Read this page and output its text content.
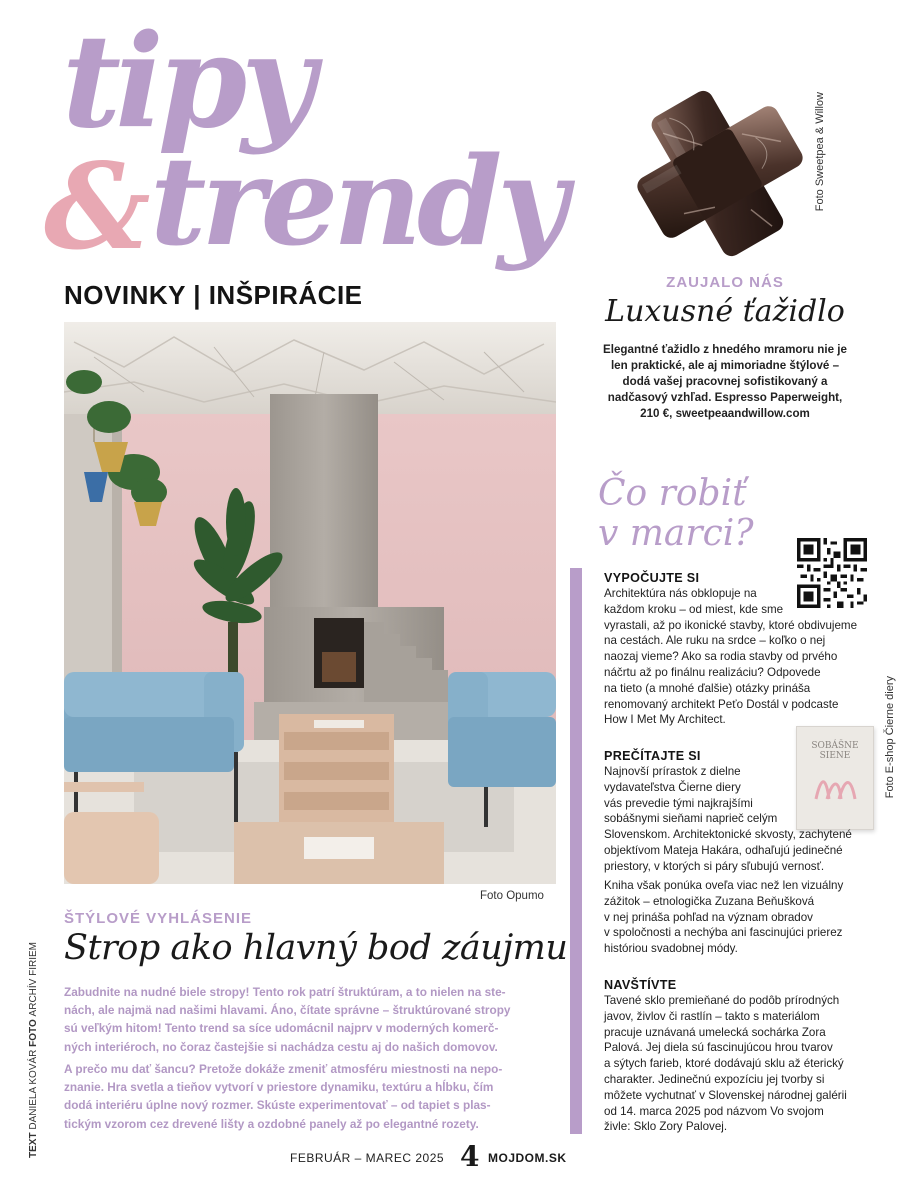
tipy
& trendy
NOVINKY | INŠPIRÁCIE
Foto Sweetpea & Willow
ZAUJALO NÁS
Luxusné ťažidlo
Elegantné ťažidlo z hnedého mramoru nie je len praktické, ale aj mimoriadne štýlové – dodá vašej pracovnej sofistikovaný a nadčasový vzhľad. Espresso Paperweight, 210 €, sweetpeaandwillow.com
Foto Opumo
TEXT DANIELA KOVÁR FOTO ARCHÍV FIRIEM
ŠTÝLOVÉ VYHLÁSENIE
Strop ako hlavný bod záujmu
Zabudnite na nudné biele stropy! Tento rok patrí štruktúram, a to nielen na ste-
nách, ale najmä nad našimi hlavami. Áno, čítate správne – štruktúrované stropy
sú veľkým hitom! Tento trend sa síce udomácnil najprv v moderných komerč-
ných interiéroch, no čoraz častejšie si nachádza cestu aj do našich domovov.
A prečo mu dať šancu? Pretože dokáže zmeniť atmosféru miestnosti na nepo-
znanie. Hra svetla a tieňov vytvorí v priestore dynamiku, textúru a hĺbku, čím
dodá interiéru úplne nový rozmer. Skúste experimentovať – od tapiet s plas-
tickým vzorom cez drevené lišty a ozdobné panely až po elegantné rozety.
Čo robiť
v marci?
VYPOČUJTE SI
Architektúra nás obklopuje na
každom kroku – od miest, kde sme
vyrastali, až po ikonické stavby, ktoré obdivujeme
na cestách. Ale ruku na srdce – koľko o nej
naozaj vieme? Ako sa rodia stavby od prvého
náčrtu až po finálnu realizáciu? Odpovede
na tieto (a mnohé ďalšie) otázky prináša
renomovaný architekt Peťo Dostál v podcaste
How I Met My Architect.
SOBÁŠNE
SIENE	Foto E-shop Čierne diery
PREČÍTAJTE SI
Najnovší prírastok z dielne
vydavateľstva Čierne diery
vás prevedie tými najkrajšími
sobášnymi sieňami naprieč celým
Slovenskom. Architektonické skvosty, zachytené
objektívom Mateja Hakára, odhaľujú jedinečné
priestory, v ktorých si páry sľubujú vernosť.
Kniha však ponúka oveľa viac než len vizuálny
zážitok – etnologička Zuzana Beňušková
v nej prináša pohľad na význam obradov
v spoločnosti a nechýba ani fascinujúci prierez
históriou svadobnej módy.
NAVŠTÍVTE
Tavené sklo premieňané do podôb prírodných
javov, živlov či rastlín – takto s materiálom
pracuje uznávaná umelecká sochárka Zora
Palová. Jej diela sú fascinujúcou hrou tvarov
a sýtych farieb, ktoré dodávajú sklu až éterický
charakter. Jedinečnú expozíciu jej tvorby si
môžete vychutnať v Slovenskej národnej galérii
od 14. marca 2025 pod názvom Vo svojom
živle: Sklo Zory Palovej.
FEBRUÁR – MAREC 2025 4 MOJDOM.SK
